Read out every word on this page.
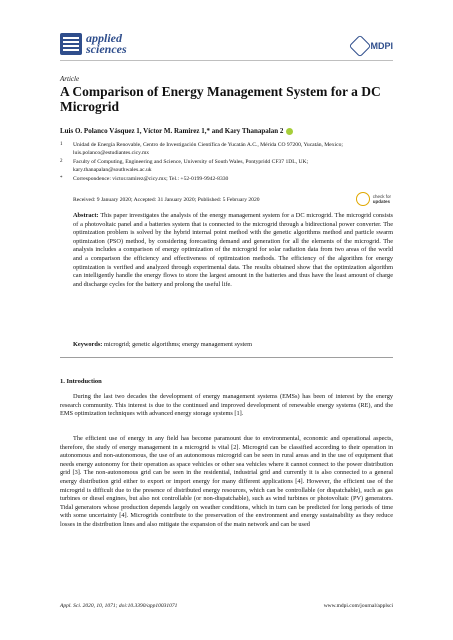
applied
sciences	MDPI
Article
A Comparison of Energy Management System for a DC Microgrid
Luis O. Polanco Vásquez 1, Víctor M. Ramirez 1,* and Kary Thanapalan 2
1 Unidad de Energía Renovable, Centro de Investigación Científica de Yucatán A.C., Mérida CO 97200, Yucatán, Mexico; luis.polanco@estudiantes.cicy.mx
2 Faculty of Computing, Engineering and Science, University of South Wales, Pontypridd CF37 1DL, UK; kary.thanapalan@southwales.ac.uk
* Correspondence: victor.ramirez@cicy.mx; Tel.: +52-0199-9942-8330
Received: 9 January 2020; Accepted: 31 January 2020; Published: 5 February 2020
check for
updates
Abstract: This paper investigates the analysis of the energy management system for a DC microgrid. The microgrid consists of a photovoltaic panel and a batteries system that is connected to the microgrid through a bidirectional power converter. The optimization problem is solved by the hybrid internal point method with the genetic algorithms method and particle swarm optimization (PSO) method, by considering forecasting demand and generation for all the elements of the microgrid. The analysis includes a comparison of energy optimization of the microgrid for solar radiation data from two areas of the world and a comparison the efficiency and effectiveness of optimization methods. The efficiency of the algorithm for energy optimization is verified and analyzed through experimental data. The results obtained show that the optimization algorithm can intelligently handle the energy flows to store the largest amount in the batteries and thus have the least amount of charge and discharge cycles for the battery and prolong the useful life.
Keywords: microgrid; genetic algorithms; energy management system
1. Introduction
During the last two decades the development of energy management systems (EMSs) has been of interest by the energy research community. This interest is due to the continued and improved development of renewable energy systems (RE), and the EMS optimization techniques with advanced energy storage systems [1].
The efficient use of energy in any field has become paramount due to environmental, economic and operational aspects, therefore, the study of energy management in a microgrid is vital [2]. Microgrid can be classified according to their operation in autonomous and non-autonomous, the use of an autonomous microgrid can be seen in rural areas and in the use of equipment that needs energy autonomy for their operation as space vehicles or other sea vehicles where it cannot connect to the power distribution grid [3]. The non-autonomous grid can be seen in the residential, industrial grid and currently it is also connected to a general energy distribution grid either to export or import energy for many different applications [4]. However, the efficient use of the microgrid is difficult due to the presence of distributed energy resources, which can be controllable (or dispatchable), such as gas turbines or diesel engines, but also not controllable (or non-dispatchable), such as wind turbines or photovoltaic (PV) generators. Tidal generators whose production depends largely on weather conditions, which in turn can be predicted for long periods of time with some uncertainty [4]. Microgrids contribute to the preservation of the environment and energy sustainability as they reduce losses in the distribution lines and also mitigate the expansion of the main network and can be used
Appl. Sci. 2020, 10, 1071; doi:10.3390/app10031071	www.mdpi.com/journal/applsci
